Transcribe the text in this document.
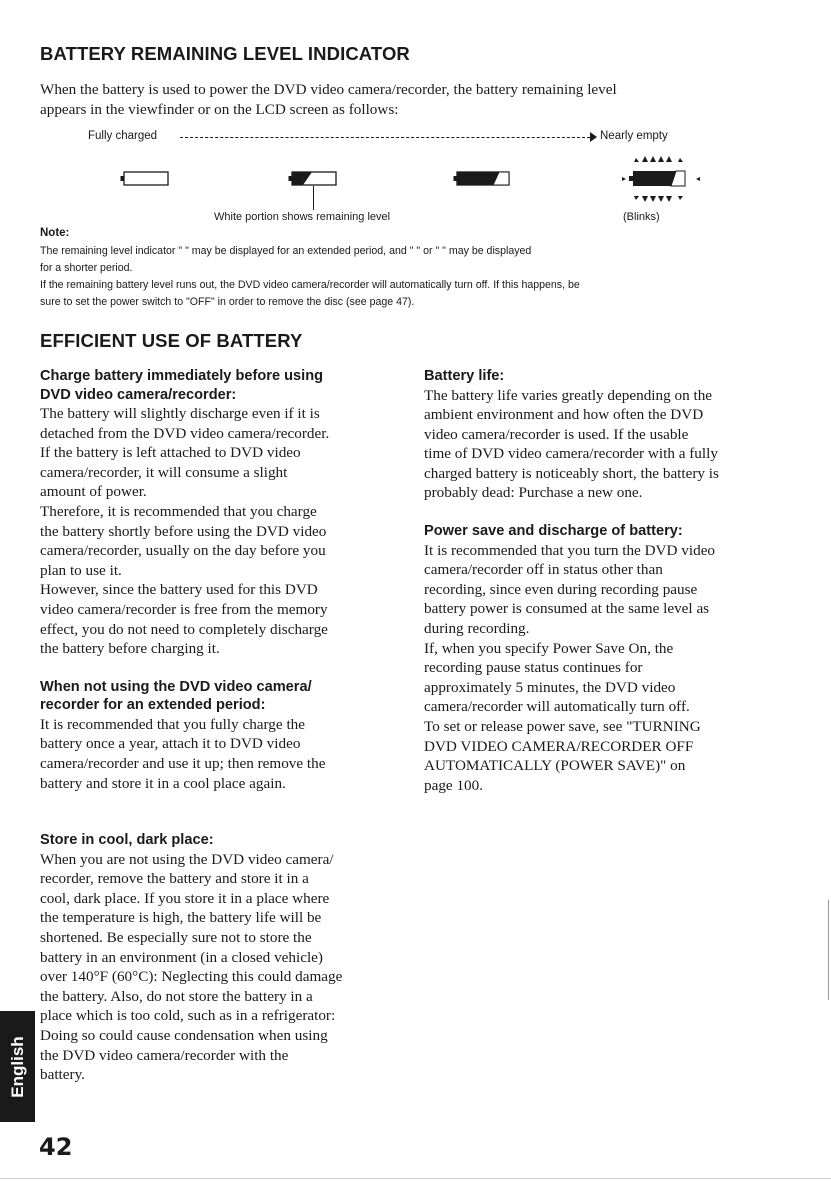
BATTERY REMAINING LEVEL INDICATOR
When the battery is used to power the DVD video camera/recorder, the battery remaining level
appears in the viewfinder or on the LCD screen as follows:
Fully charged	Nearly empty
White portion shows remaining level	(Blinks)
Note:
The remaining level indicator " " may be displayed for an extended period, and " " or " " may be displayed
for a shorter period.
If the remaining battery level runs out, the DVD video camera/recorder will automatically turn off. If this happens, be
sure to set the power switch to "OFF" in order to remove the disc (see page 47).
EFFICIENT USE OF BATTERY
Charge battery immediately before using
DVD video camera/recorder:
The battery will slightly discharge even if it is
detached from the DVD video camera/recorder.
If the battery is left attached to DVD video
camera/recorder, it will consume a slight
amount of power.
Therefore, it is recommended that you charge
the battery shortly before using the DVD video
camera/recorder, usually on the day before you
plan to use it.
However, since the battery used for this DVD
video camera/recorder is free from the memory
effect, you do not need to completely discharge
the battery before charging it.
When not using the DVD video camera/
recorder for an extended period:
It is recommended that you fully charge the
battery once a year, attach it to DVD video
camera/recorder and use it up; then remove the
battery and store it in a cool place again.
Store in cool, dark place:
When you are not using the DVD video camera/
recorder, remove the battery and store it in a
cool, dark place. If you store it in a place where
the temperature is high, the battery life will be
shortened. Be especially sure not to store the
battery in an environment (in a closed vehicle)
over 140°F (60°C): Neglecting this could damage
the battery. Also, do not store the battery in a
place which is too cold, such as in a refrigerator:
Doing so could cause condensation when using
the DVD video camera/recorder with the
battery.
Battery life:
The battery life varies greatly depending on the
ambient environment and how often the DVD
video camera/recorder is used. If the usable
time of DVD video camera/recorder with a fully
charged battery is noticeably short, the battery is
probably dead: Purchase a new one.
Power save and discharge of battery:
It is recommended that you turn the DVD video
camera/recorder off in status other than
recording, since even during recording pause
battery power is consumed at the same level as
during recording.
If, when you specify Power Save On, the
recording pause status continues for
approximately 5 minutes, the DVD video
camera/recorder will automatically turn off.
To set or release power save, see "TURNING
DVD VIDEO CAMERA/RECORDER OFF
AUTOMATICALLY (POWER SAVE)" on
page 100.
English
42
